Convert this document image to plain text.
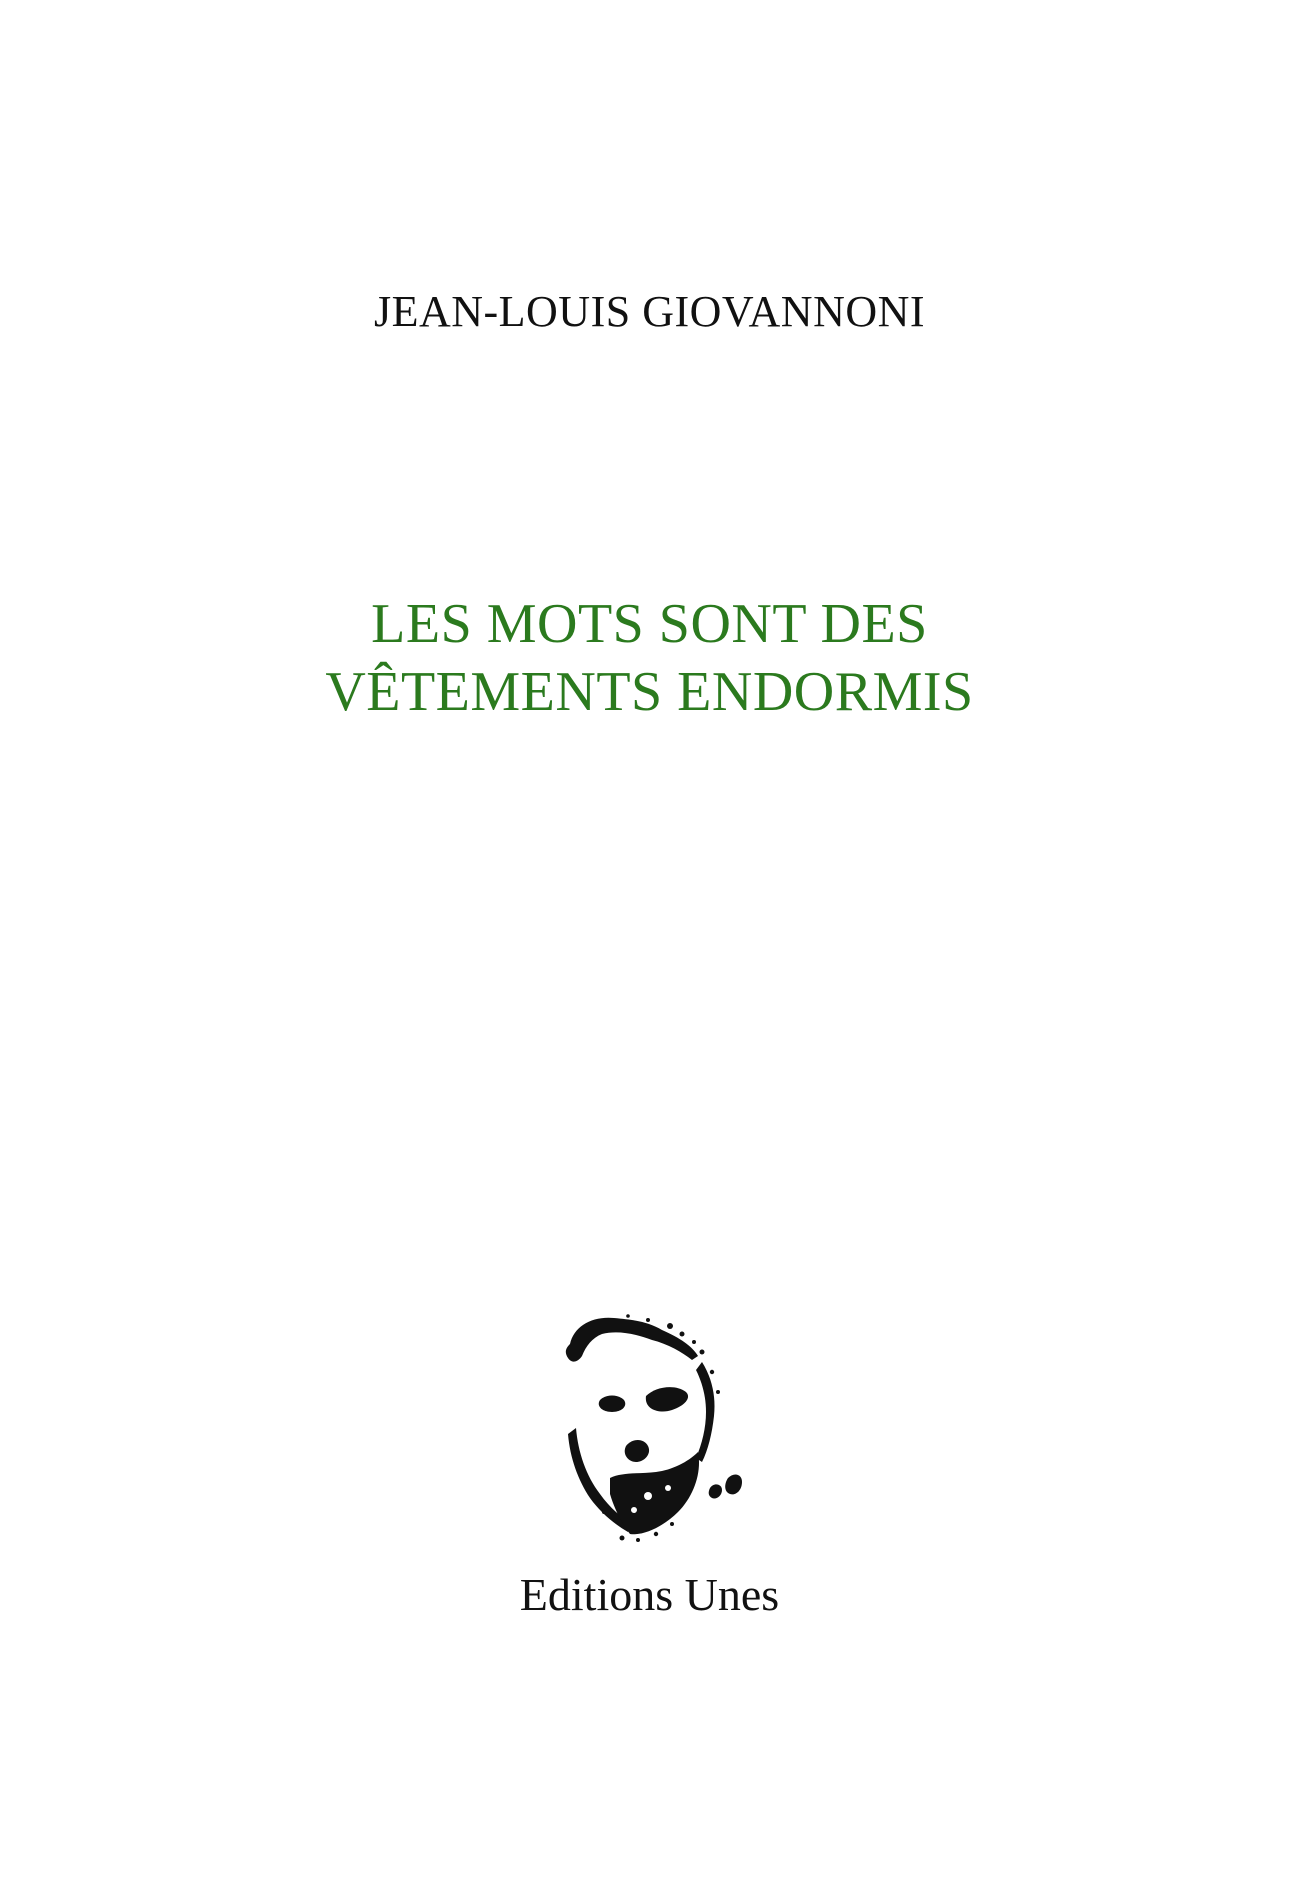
JEAN-LOUIS GIOVANNONI
LES MOTS SONT DES
VÊTEMENTS ENDORMIS
Editions Unes
